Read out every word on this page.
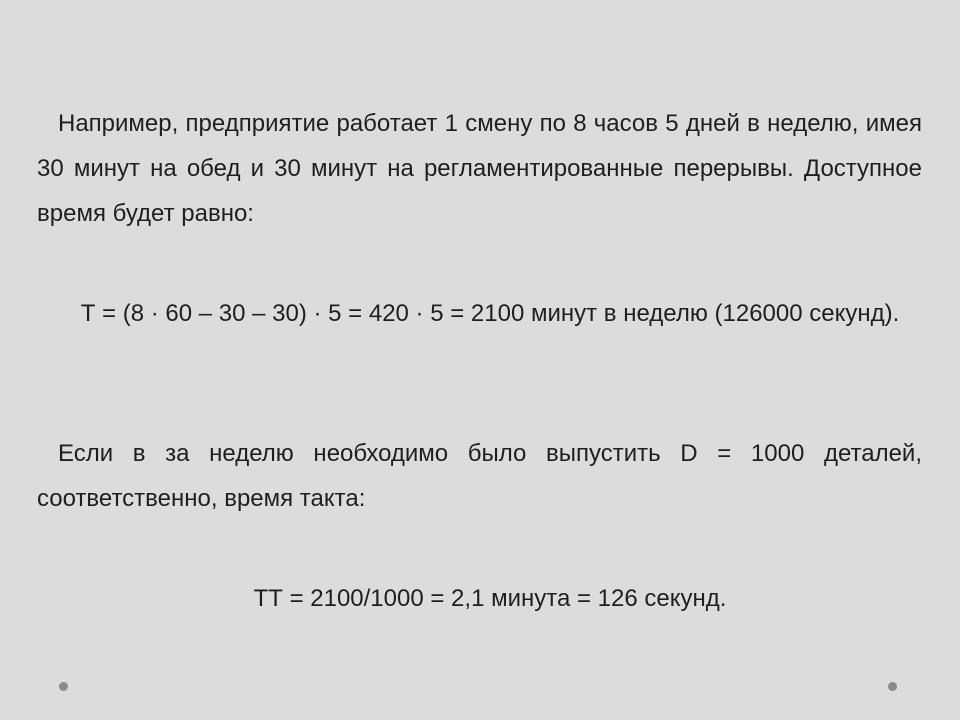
Например, предприятие работает 1 смену по 8 часов 5 дней в неделю, имея 30 минут на обед и 30 минут на регламентированные перерывы. Доступное время будет равно:

Т = (8 · 60 – 30 – 30) · 5 = 420 · 5 = 2100 минут в неделю (126000 секунд).

Если в за неделю необходимо было выпустить D = 1000 деталей, соответственно, время такта:

ТТ = 2100/1000 = 2,1 минута = 126 секунд.
